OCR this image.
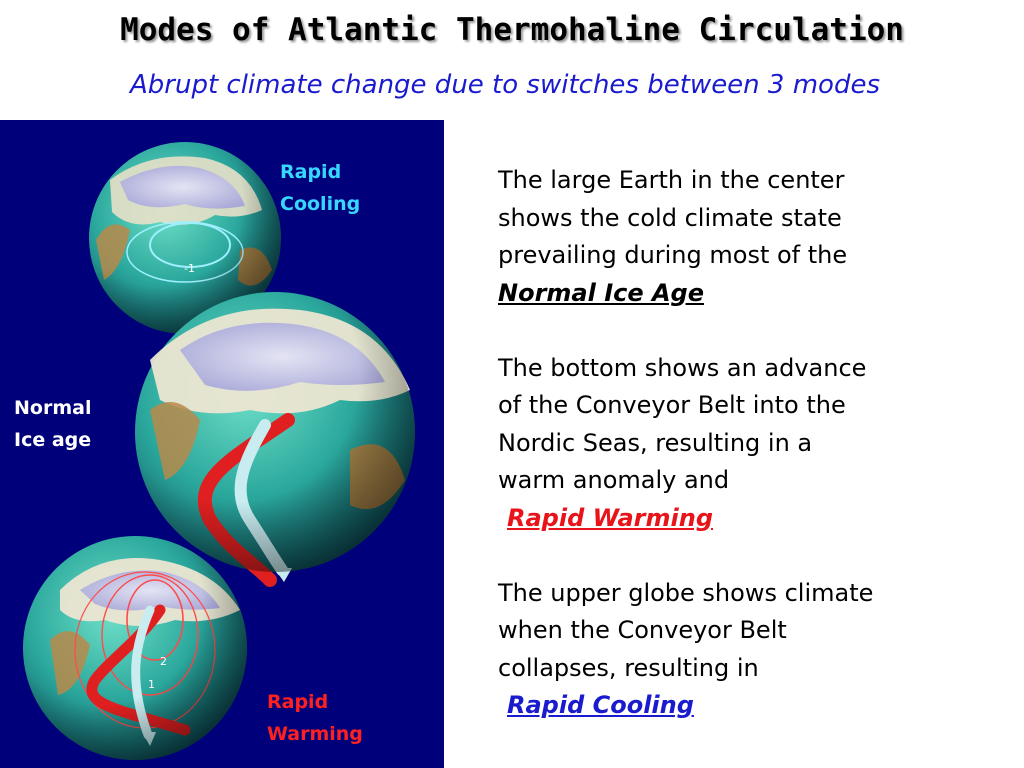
Modes of Atlantic Thermohaline Circulation
Abrupt climate change due to switches between 3 modes
Rapid
Cooling
Normal
Ice age
Rapid
Warming
The large Earth in the center
shows the cold climate state
prevailing during most of the
Normal Ice Age
The bottom shows an advance
of the Conveyor Belt into the
Nordic Seas, resulting in a
warm anomaly and
Rapid Warming
The upper globe shows climate
when the Conveyor Belt
collapses, resulting in
Rapid Cooling
